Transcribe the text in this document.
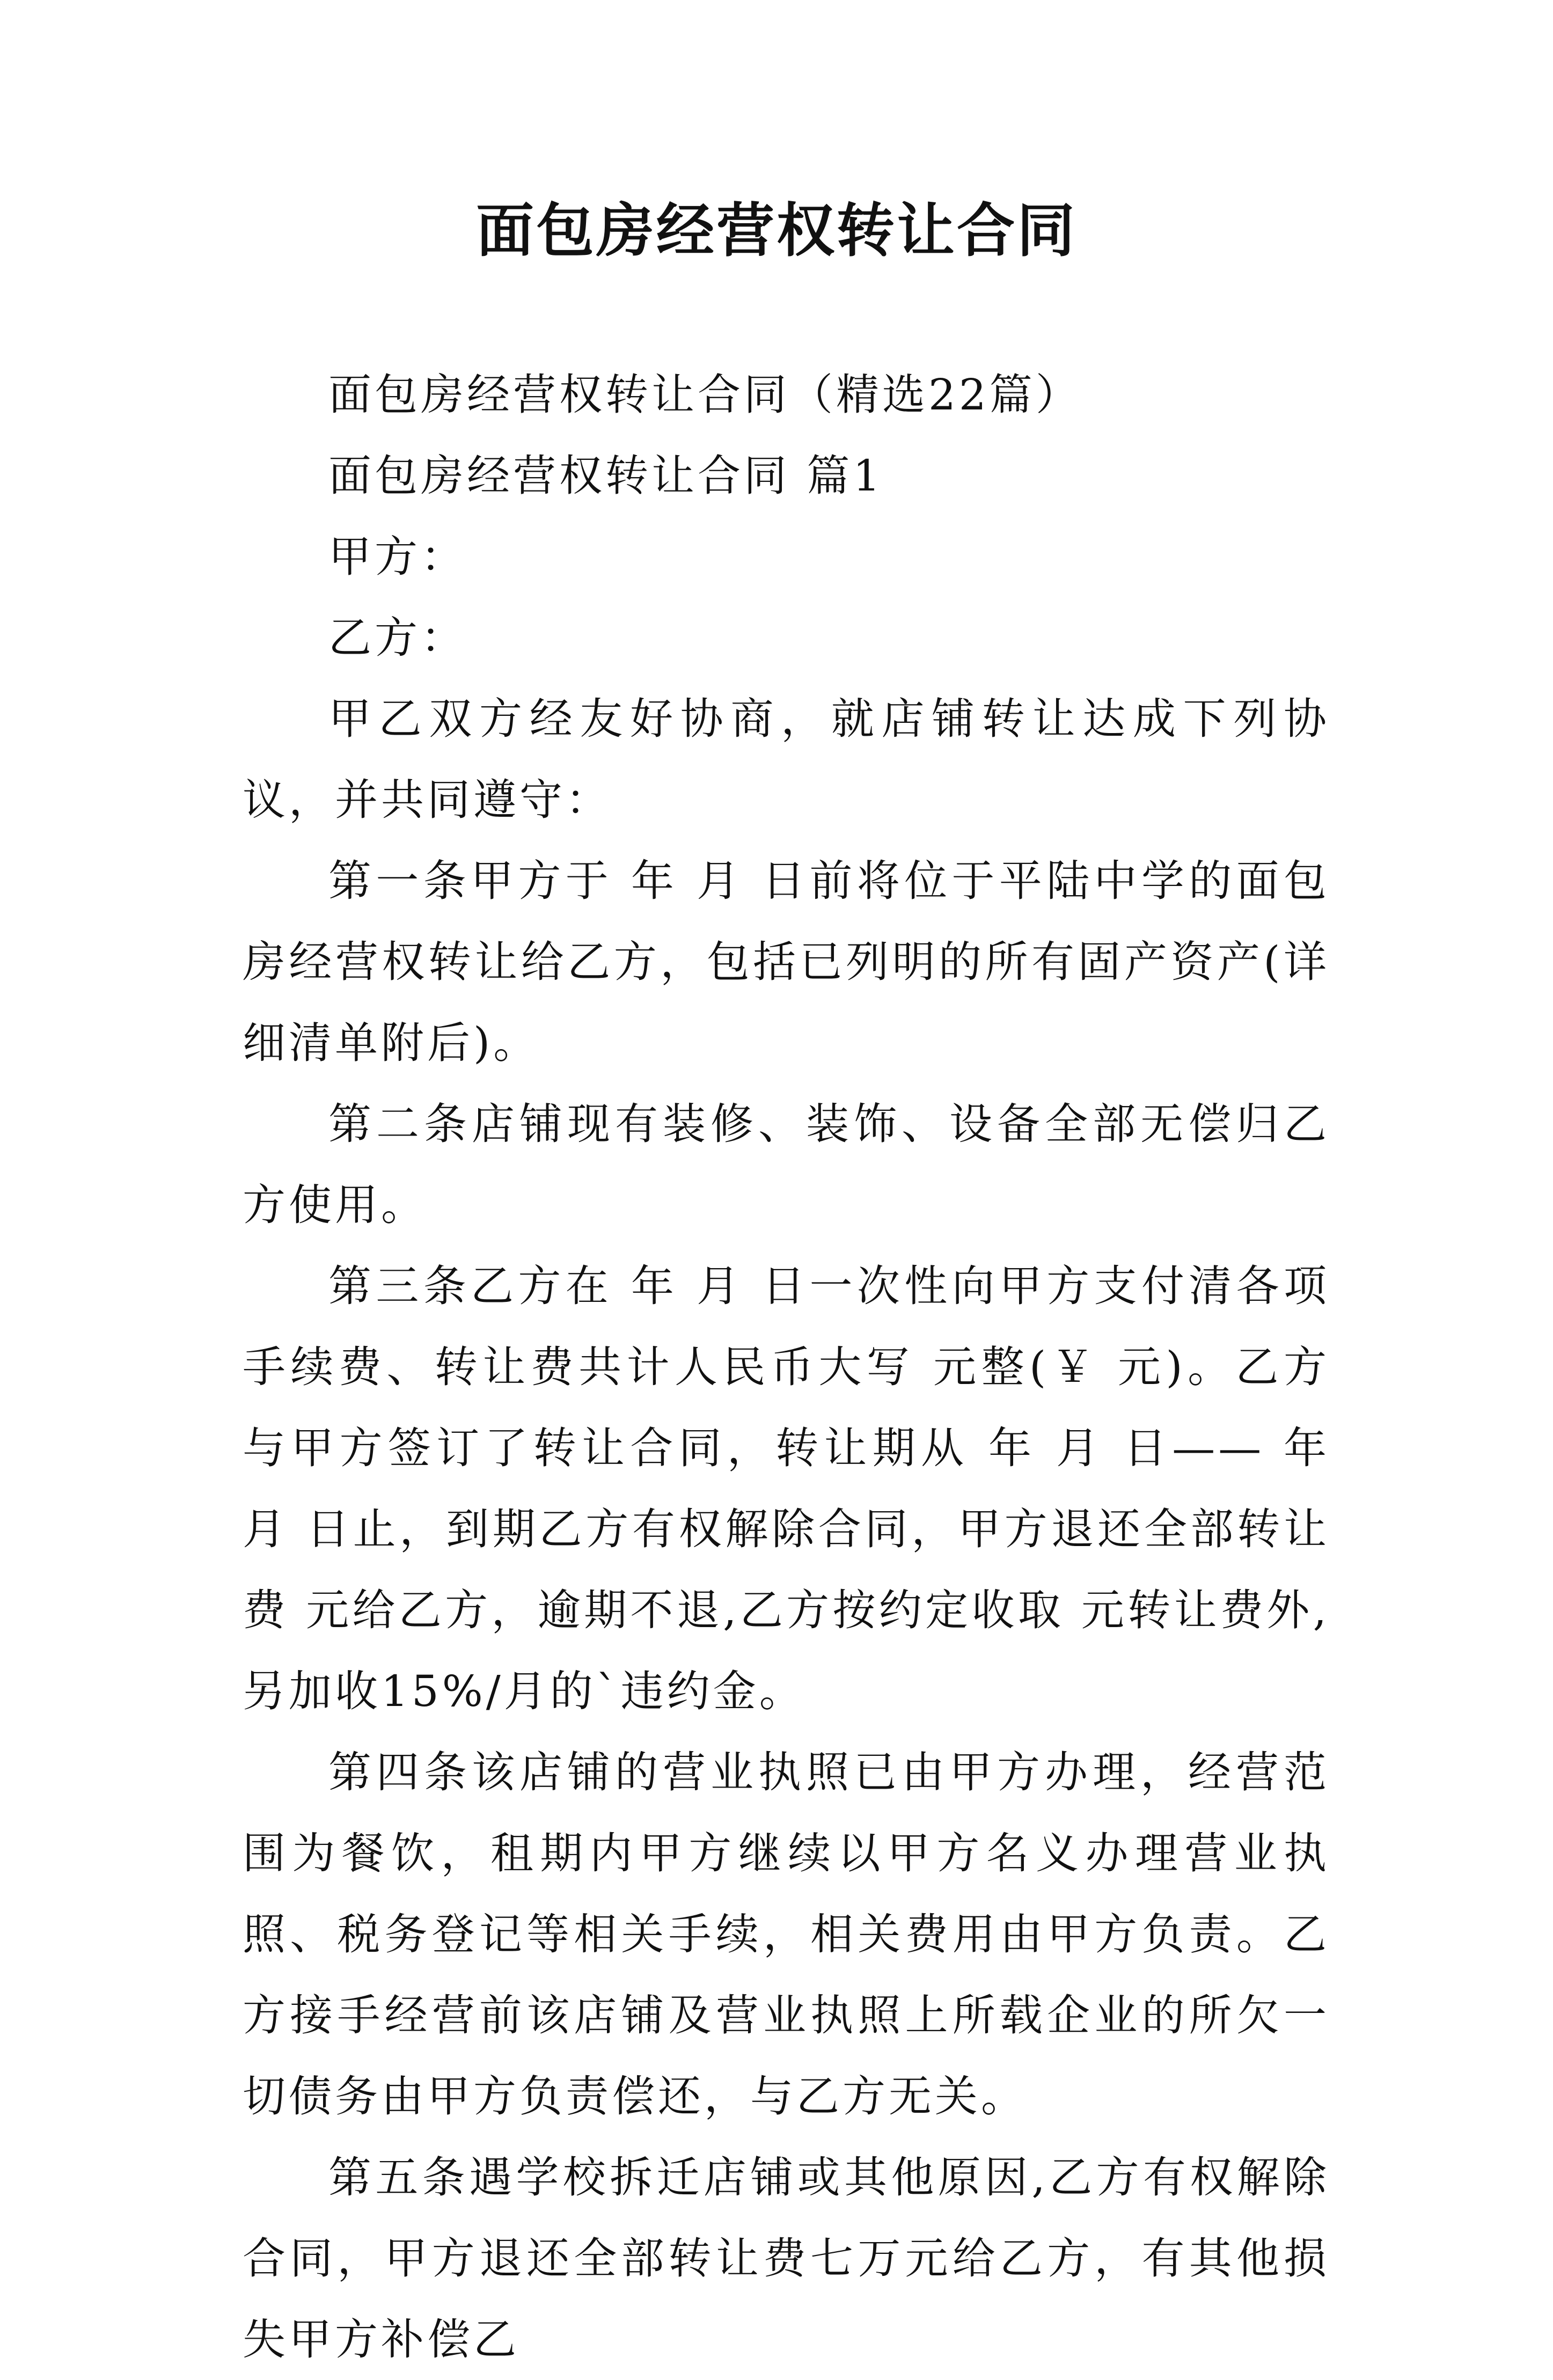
面包房经营权转让合同

面包房经营权转让合同（精选22篇）

面包房经营权转让合同 篇1

甲方：

乙方：

甲乙双方经友好协商，就店铺转让达成下列协议，并共同遵守：

第一条甲方于 年 月 日前将位于平陆中学的面包房经营权转让给乙方，包括已列明的所有固产资产(详细清单附后)。

第二条店铺现有装修、装饰、设备全部无偿归乙方使用。

第三条乙方在 年 月 日一次性向甲方支付清各项手续费、转让费共计人民币大写 元整(￥ 元)。乙方与甲方签订了转让合同，转让期从 年 月 日—— 年 月 日止，到期乙方有权解除合同，甲方退还全部转让费 元给乙方，逾期不退,乙方按约定收取 元转让费外,另加收15%/月的`违约金。

第四条该店铺的营业执照已由甲方办理，经营范围为餐饮，租期内甲方继续以甲方名义办理营业执照、税务登记等相关手续，相关费用由甲方负责。乙方接手经营前该店铺及营业执照上所载企业的所欠一切债务由甲方负责偿还，与乙方无关。

第五条遇学校拆迁店铺或其他原因,乙方有权解除合同，甲方退还全部转让费七万元给乙方，有其他损失甲方补偿乙
